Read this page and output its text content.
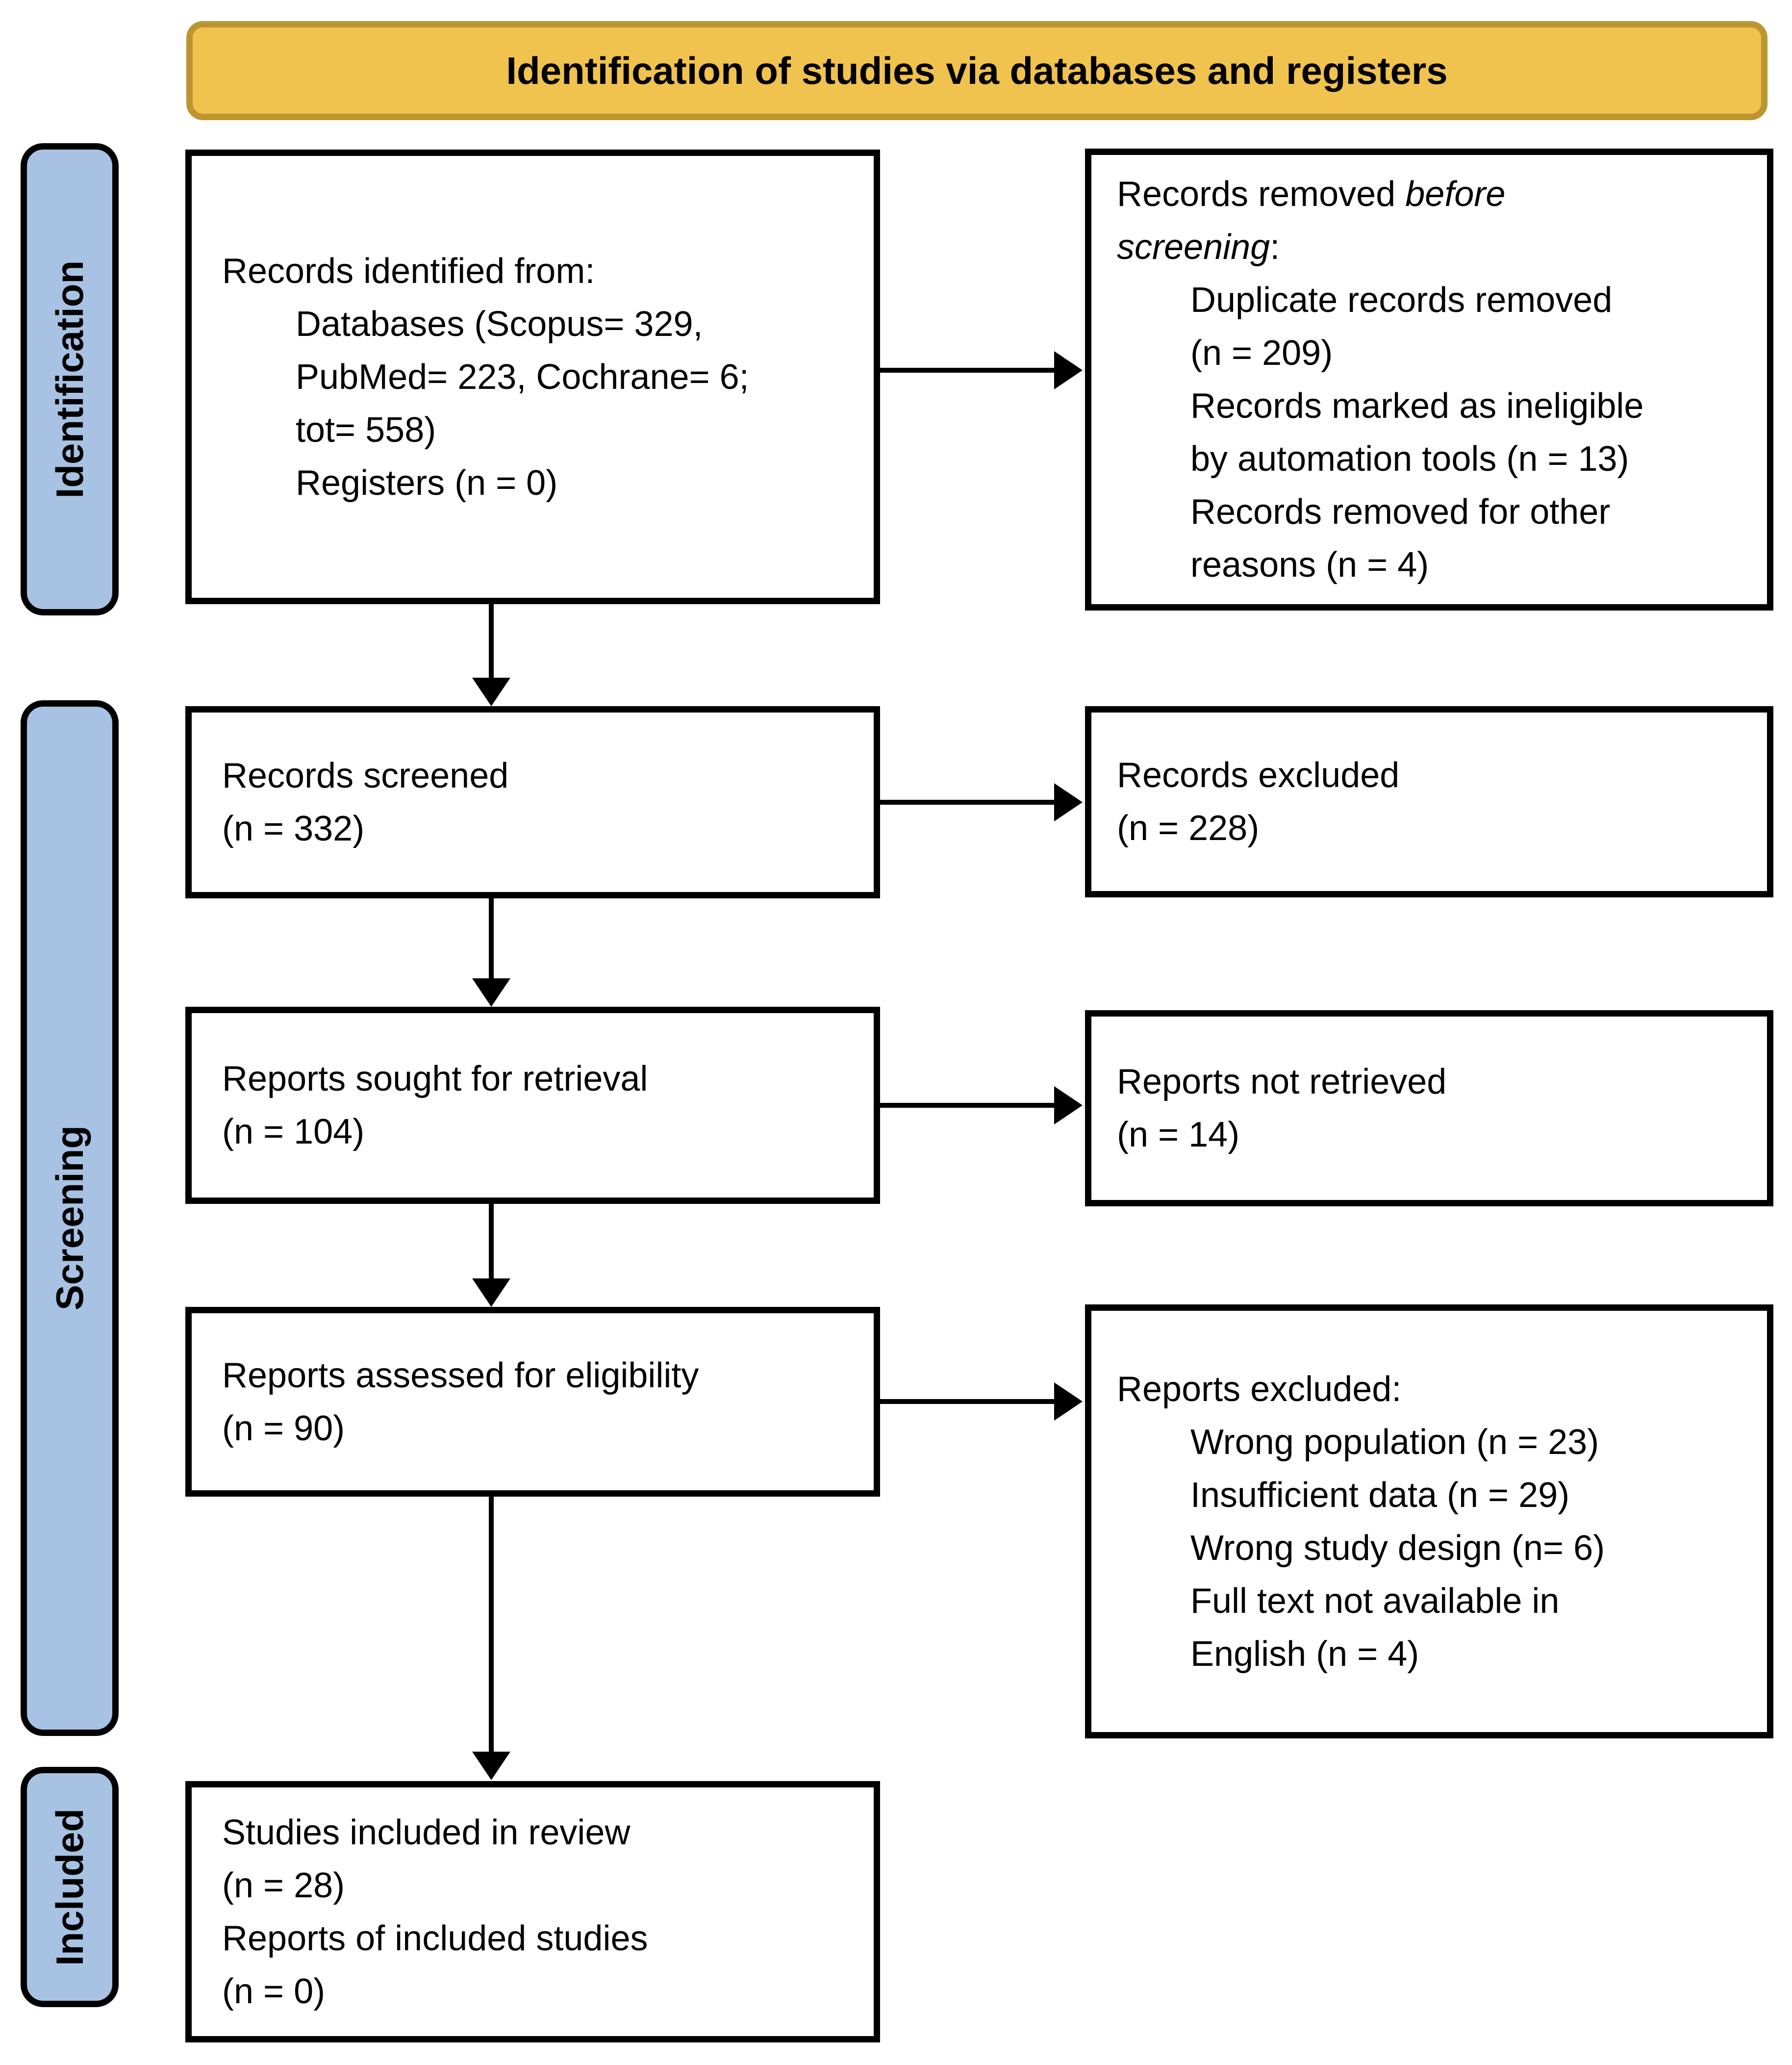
Identification of studies via databases and registers
Identification
Screening
Included
Records identified from:
Databases (Scopus= 329,
PubMed= 223, Cochrane= 6;
tot= 558)
Registers (n = 0)
Records removed before
screening:
Duplicate records removed
(n = 209)
Records marked as ineligible
by automation tools (n = 13)
Records removed for other
reasons (n = 4)
Records screened
(n = 332)
Records excluded
(n = 228)
Reports sought for retrieval
(n = 104)
Reports not retrieved
(n = 14)
Reports assessed for eligibility
(n = 90)
Reports excluded:
Wrong population (n = 23)
Insufficient data (n = 29)
Wrong study design (n= 6)
Full text not available in
English (n = 4)
Studies included in review
(n = 28)
Reports of included studies
(n = 0)
